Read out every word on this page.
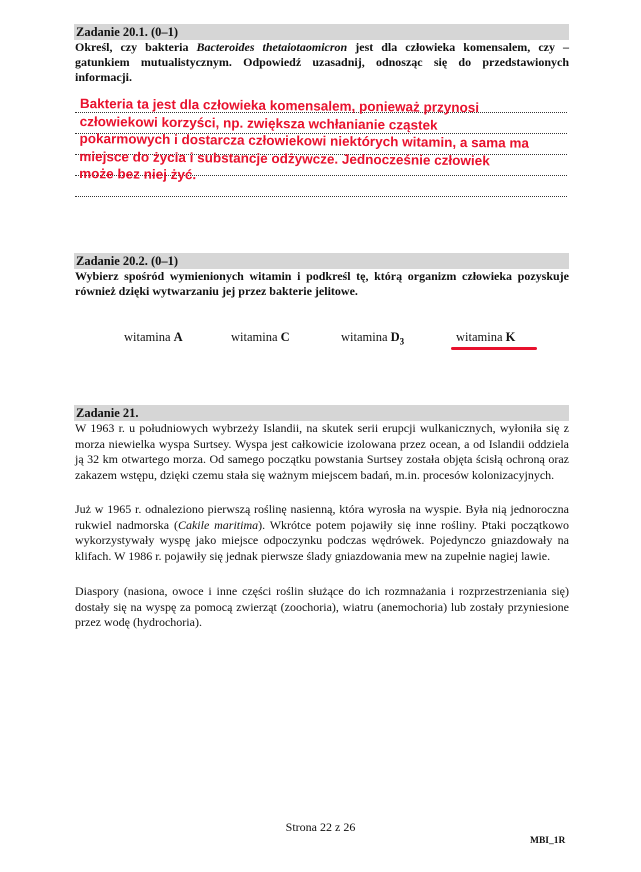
Zadanie 20.1. (0–1)
Określ, czy bakteria Bacteroides thetaiotaomicron jest dla człowieka komensalem, czy – gatunkiem mutualistycznym. Odpowiedź uzasadnij, odnosząc się do przedstawionych informacji.
Bakteria ta jest dla człowieka komensalem, ponieważ przynosi
człowiekowi korzyści, np. zwiększa wchłanianie cząstek
pokarmowych i dostarcza człowiekowi niektórych witamin, a sama ma
miejsce do życia i substancje odżywcze. Jednocześnie człowiek
może bez niej żyć.
Zadanie 20.2. (0–1)
Wybierz spośród wymienionych witamin i podkreśl tę, którą organizm człowieka pozyskuje również dzięki wytwarzaniu jej przez bakterie jelitowe.
witamina A	witamina C	witamina $D_3$	witamina K
Zadanie 21.
W 1963 r. u południowych wybrzeży Islandii, na skutek serii erupcji wulkanicznych, wyłoniła się z morza niewielka wyspa Surtsey. Wyspa jest całkowicie izolowana przez ocean, a od Islandii oddziela ją 32 km otwartego morza. Od samego początku powstania Surtsey została objęta ścisłą ochroną oraz zakazem wstępu, dzięki czemu stała się ważnym miejscem badań, m.in. procesów kolonizacyjnych.
Już w 1965 r. odnaleziono pierwszą roślinę nasienną, która wyrosła na wyspie. Była nią jednoroczna rukwiel nadmorska (Cakile maritima). Wkrótce potem pojawiły się inne rośliny. Ptaki początkowo wykorzystywały wyspę jako miejsce odpoczynku podczas wędrówek. Pojedynczo gniazdowały na klifach. W 1986 r. pojawiły się jednak pierwsze ślady gniazdowania mew na zupełnie nagiej lawie.
Diaspory (nasiona, owoce i inne części roślin służące do ich rozmnażania i rozprzestrzeniania się) dostały się na wyspę za pomocą zwierząt (zoochoria), wiatru (anemochoria) lub zostały przyniesione przez wodę (hydrochoria).
Strona 22 z 26
MBI_1R
